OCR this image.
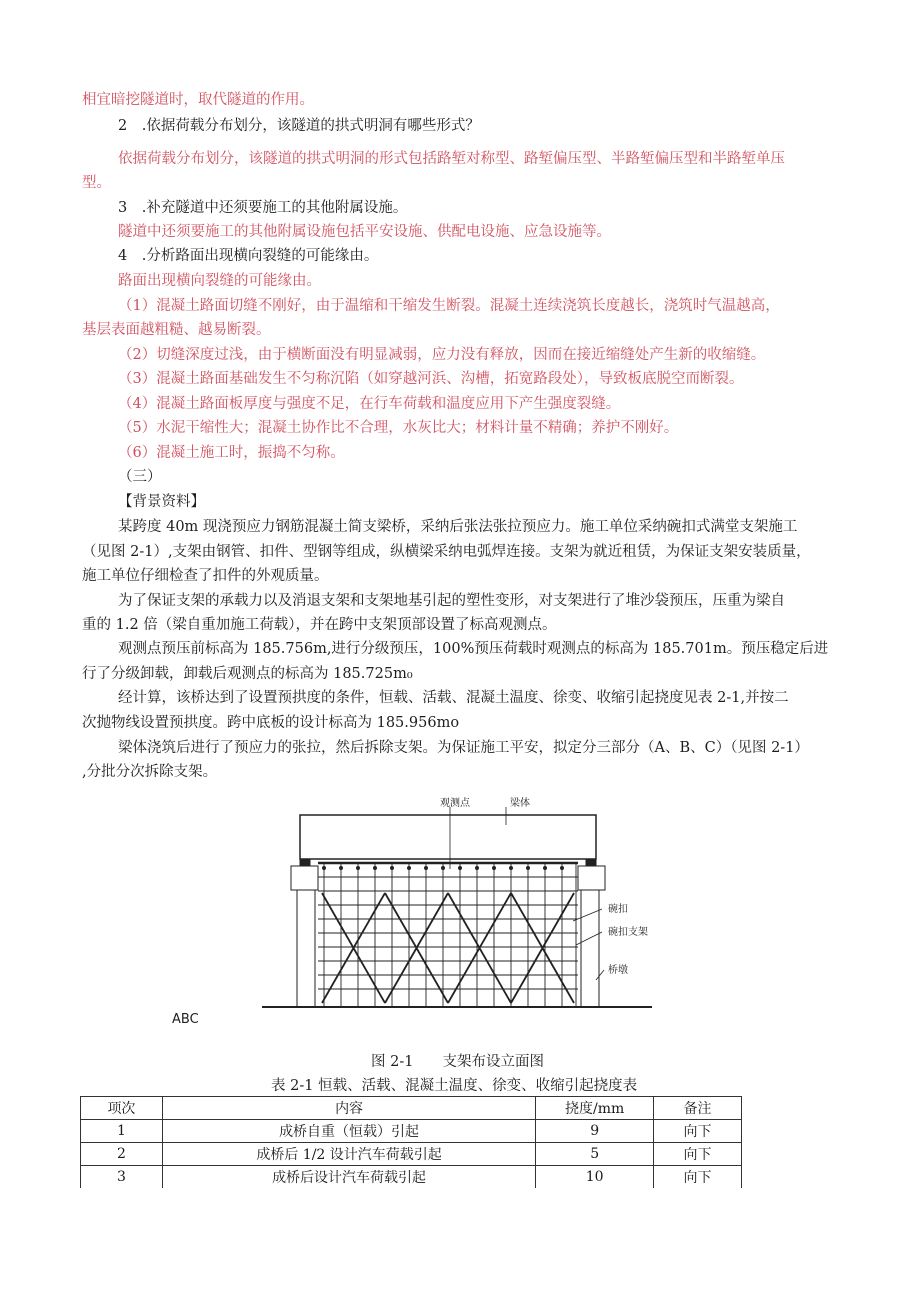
相宜暗挖隧道时，取代隧道的作用。
2　.依据荷载分布划分，该隧道的拱式明洞有哪些形式？
依据荷载分布划分，该隧道的拱式明洞的形式包括路堑对称型、路堑偏压型、半路堑偏压型和半路堑单压
型。
3　.补充隧道中还须要施工的其他附属设施。
隧道中还须要施工的其他附属设施包括平安设施、供配电设施、应急设施等。
4　.分析路面出现横向裂缝的可能缘由。
路面出现横向裂缝的可能缘由。
（1）混凝土路面切缝不刚好，由于温缩和干缩发生断裂。混凝土连续浇筑长度越长，浇筑时气温越高，
基层表面越粗糙、越易断裂。
（2）切缝深度过浅，由于横断面没有明显减弱，应力没有释放，因而在接近缩缝处产生新的收缩缝。
（3）混凝土路面基础发生不匀称沉陷（如穿越河浜、沟槽，拓宽路段处），导致板底脱空而断裂。
（4）混凝土路面板厚度与强度不足，在行车荷载和温度应用下产生强度裂缝。
（5）水泥干缩性大；混凝土协作比不合理，水灰比大；材料计量不精确；养护不刚好。
（6）混凝土施工时，振捣不匀称。
（三）
【背景资料】
某跨度 40m 现浇预应力钢筋混凝土简支梁桥，采纳后张法张拉预应力。施工单位采纳碗扣式满堂支架施工
（见图 2-1）,支架由钢管、扣件、型钢等组成，纵横梁采纳电弧焊连接。支架为就近租赁，为保证支架安装质量，
施工单位仔细检查了扣件的外观质量。
为了保证支架的承载力以及消退支架和支架地基引起的塑性变形，对支架进行了堆沙袋预压，压重为梁自
重的 1.2 倍（梁自重加施工荷载），并在跨中支架顶部设置了标高观测点。
观测点预压前标高为 185.756m,进行分级预压，100%预压荷载时观测点的标高为 185.701m。预压稳定后进
行了分级卸载，卸载后观测点的标高为 185.725m₀
经计算，该桥达到了设置预拱度的条件，恒载、活载、混凝土温度、徐变、收缩引起挠度见表 2-1,并按二
次抛物线设置预拱度。跨中底板的设计标高为 185.956mo
梁体浇筑后进行了预应力的张拉，然后拆除支架。为保证施工平安，拟定分三部分（A、B、C）（见图 2-1）
,分批分次拆除支架。
观测点	梁体
碗扣
碗扣支架
桥墩
ABC
图 2-1　　支架布设立面图
表 2-1 恒载、活载、混凝土温度、徐变、收缩引起挠度表
项次	内容	挠度/mm	备注
1	成桥自重（恒载）引起	9	向下
2	成桥后 1/2 设计汽车荷载引起	5	向下
3	成桥后设计汽车荷载引起	10	向下
